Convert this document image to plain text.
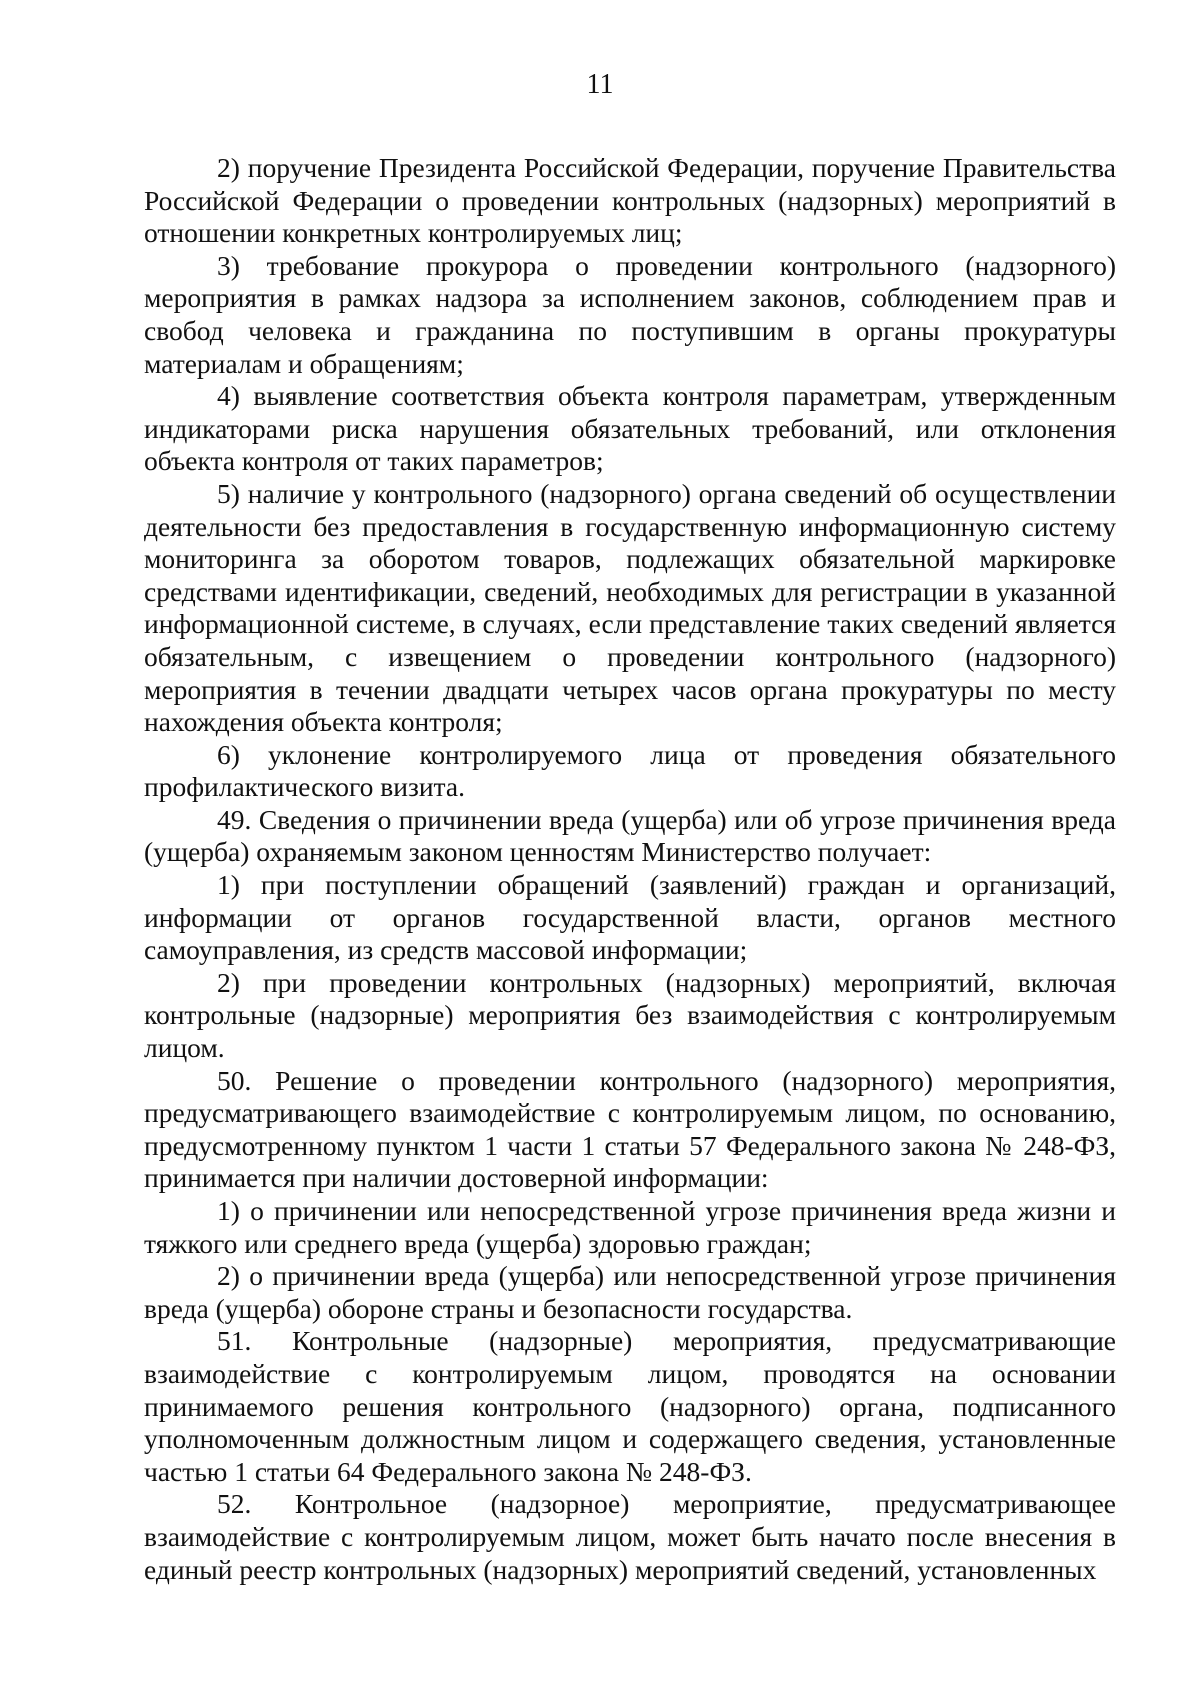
11

2) поручение Президента Российской Федерации, поручение Правительства Российской Федерации о проведении контрольных (надзорных) мероприятий в отношении конкретных контролируемых лиц;

3) требование прокурора о проведении контрольного (надзорного) мероприятия в рамках надзора за исполнением законов, соблюдением прав и свобод человека и гражданина по поступившим в органы прокуратуры материалам и обращениям;

4) выявление соответствия объекта контроля параметрам, утвержденным индикаторами риска нарушения обязательных требований, или отклонения объекта контроля от таких параметров;

5) наличие у контрольного (надзорного) органа сведений об осуществлении деятельности без предоставления в государственную информационную систему мониторинга за оборотом товаров, подлежащих обязательной маркировке средствами идентификации, сведений, необходимых для регистрации в указанной информационной системе, в случаях, если представление таких сведений является обязательным, с извещением о проведении контрольного (надзорного) мероприятия в течении двадцати четырех часов органа прокуратуры по месту нахождения объекта контроля;

6) уклонение контролируемого лица от проведения обязательного профилактического визита.

49. Сведения о причинении вреда (ущерба) или об угрозе причинения вреда (ущерба) охраняемым законом ценностям Министерство получает:

1) при поступлении обращений (заявлений) граждан и организаций, информации от органов государственной власти, органов местного самоуправления, из средств массовой информации;

2) при проведении контрольных (надзорных) мероприятий, включая контрольные (надзорные) мероприятия без взаимодействия с контролируемым лицом.

50. Решение о проведении контрольного (надзорного) мероприятия, предусматривающего взаимодействие с контролируемым лицом, по основанию, предусмотренному пунктом 1 части 1 статьи 57 Федерального закона № 248-ФЗ, принимается при наличии достоверной информации:

1) о причинении или непосредственной угрозе причинения вреда жизни и тяжкого или среднего вреда (ущерба) здоровью граждан;

2) о причинении вреда (ущерба) или непосредственной угрозе причинения вреда (ущерба) обороне страны и безопасности государства.

51. Контрольные (надзорные) мероприятия, предусматривающие взаимодействие с контролируемым лицом, проводятся на основании принимаемого решения контрольного (надзорного) органа, подписанного уполномоченным должностным лицом и содержащего сведения, установленные частью 1 статьи 64 Федерального закона № 248-ФЗ.

52. Контрольное (надзорное) мероприятие, предусматривающее взаимодействие с контролируемым лицом, может быть начато после внесения в единый реестр контрольных (надзорных) мероприятий сведений, установленных
